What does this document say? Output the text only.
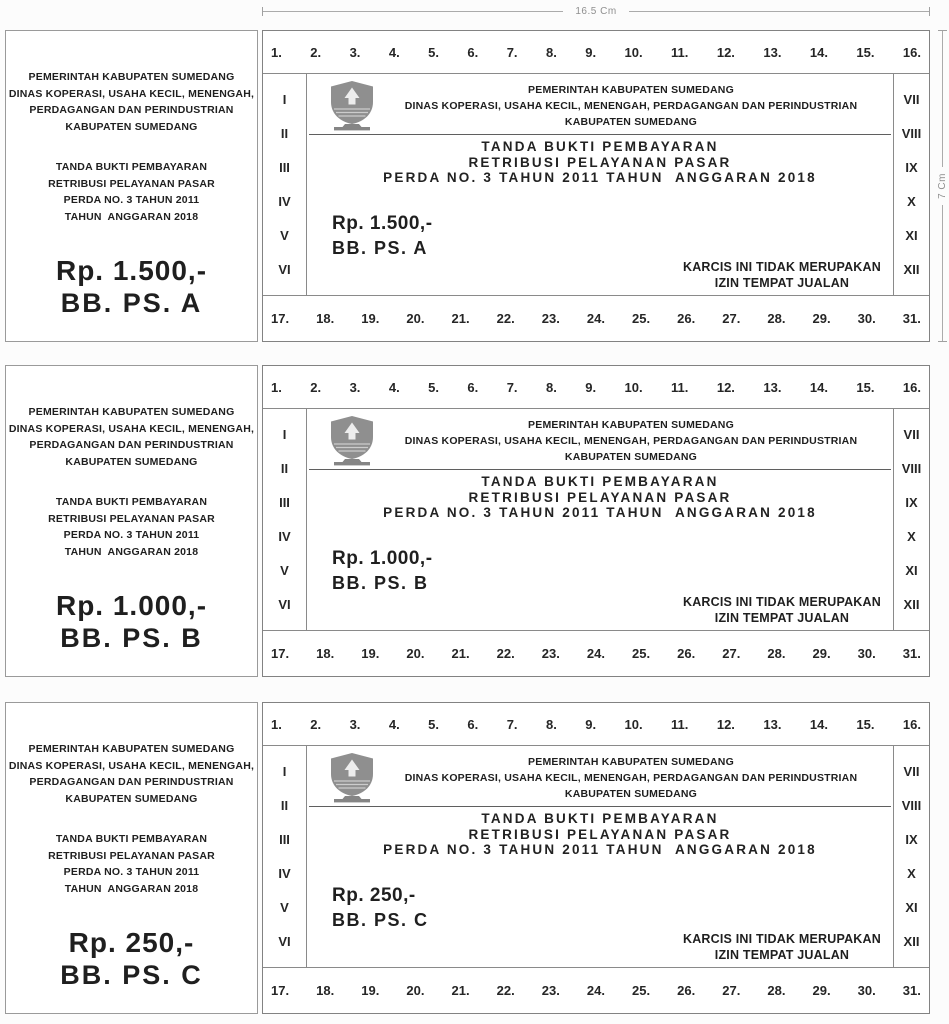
16.5 Cm
7 Cm
PEMERINTAH KABUPATEN SUMEDANG
DINAS KOPERASI, USAHA KECIL, MENENGAH,
PERDAGANGAN DAN PERINDUSTRIAN
KABUPATEN SUMEDANG
TANDA BUKTI PEMBAYARAN
RETRIBUSI PELAYANAN PASAR
PERDA NO. 3 TAHUN 2011
TAHUN  ANGGARAN 2018
Rp. 1.500,-
BB. PS. A
1. 2. 3. 4. 5. 6. 7. 8. 9. 10. 11. 12. 13. 14. 15. 16.
I
II
III
IV
V
VI
PEMERINTAH KABUPATEN SUMEDANG
DINAS KOPERASI, USAHA KECIL, MENENGAH, PERDAGANGAN DAN PERINDUSTRIAN
KABUPATEN SUMEDANG
TANDA BUKTI PEMBAYARAN
RETRIBUSI PELAYANAN PASAR
PERDA NO. 3 TAHUN 2011 TAHUN  ANGGARAN 2018
Rp. 1.500,-
BB. PS. A
KARCIS INI TIDAK MERUPAKAN
IZIN TEMPAT JUALAN
VII
VIII
IX
X
XI
XII
17. 18. 19. 20. 21. 22. 23. 24. 25. 26. 27. 28. 29. 30. 31.
PEMERINTAH KABUPATEN SUMEDANG
DINAS KOPERASI, USAHA KECIL, MENENGAH,
PERDAGANGAN DAN PERINDUSTRIAN
KABUPATEN SUMEDANG
TANDA BUKTI PEMBAYARAN
RETRIBUSI PELAYANAN PASAR
PERDA NO. 3 TAHUN 2011
TAHUN  ANGGARAN 2018
Rp. 1.000,-
BB. PS. B
1. 2. 3. 4. 5. 6. 7. 8. 9. 10. 11. 12. 13. 14. 15. 16.
I
II
III
IV
V
VI
PEMERINTAH KABUPATEN SUMEDANG
DINAS KOPERASI, USAHA KECIL, MENENGAH, PERDAGANGAN DAN PERINDUSTRIAN
KABUPATEN SUMEDANG
TANDA BUKTI PEMBAYARAN
RETRIBUSI PELAYANAN PASAR
PERDA NO. 3 TAHUN 2011 TAHUN  ANGGARAN 2018
Rp. 1.000,-
BB. PS. B
KARCIS INI TIDAK MERUPAKAN
IZIN TEMPAT JUALAN
VII
VIII
IX
X
XI
XII
17. 18. 19. 20. 21. 22. 23. 24. 25. 26. 27. 28. 29. 30. 31.
PEMERINTAH KABUPATEN SUMEDANG
DINAS KOPERASI, USAHA KECIL, MENENGAH,
PERDAGANGAN DAN PERINDUSTRIAN
KABUPATEN SUMEDANG
TANDA BUKTI PEMBAYARAN
RETRIBUSI PELAYANAN PASAR
PERDA NO. 3 TAHUN 2011
TAHUN  ANGGARAN 2018
Rp. 250,-
BB. PS. C
1. 2. 3. 4. 5. 6. 7. 8. 9. 10. 11. 12. 13. 14. 15. 16.
I
II
III
IV
V
VI
PEMERINTAH KABUPATEN SUMEDANG
DINAS KOPERASI, USAHA KECIL, MENENGAH, PERDAGANGAN DAN PERINDUSTRIAN
KABUPATEN SUMEDANG
TANDA BUKTI PEMBAYARAN
RETRIBUSI PELAYANAN PASAR
PERDA NO. 3 TAHUN 2011 TAHUN  ANGGARAN 2018
Rp. 250,-
BB. PS. C
KARCIS INI TIDAK MERUPAKAN
IZIN TEMPAT JUALAN
VII
VIII
IX
X
XI
XII
17. 18. 19. 20. 21. 22. 23. 24. 25. 26. 27. 28. 29. 30. 31.
